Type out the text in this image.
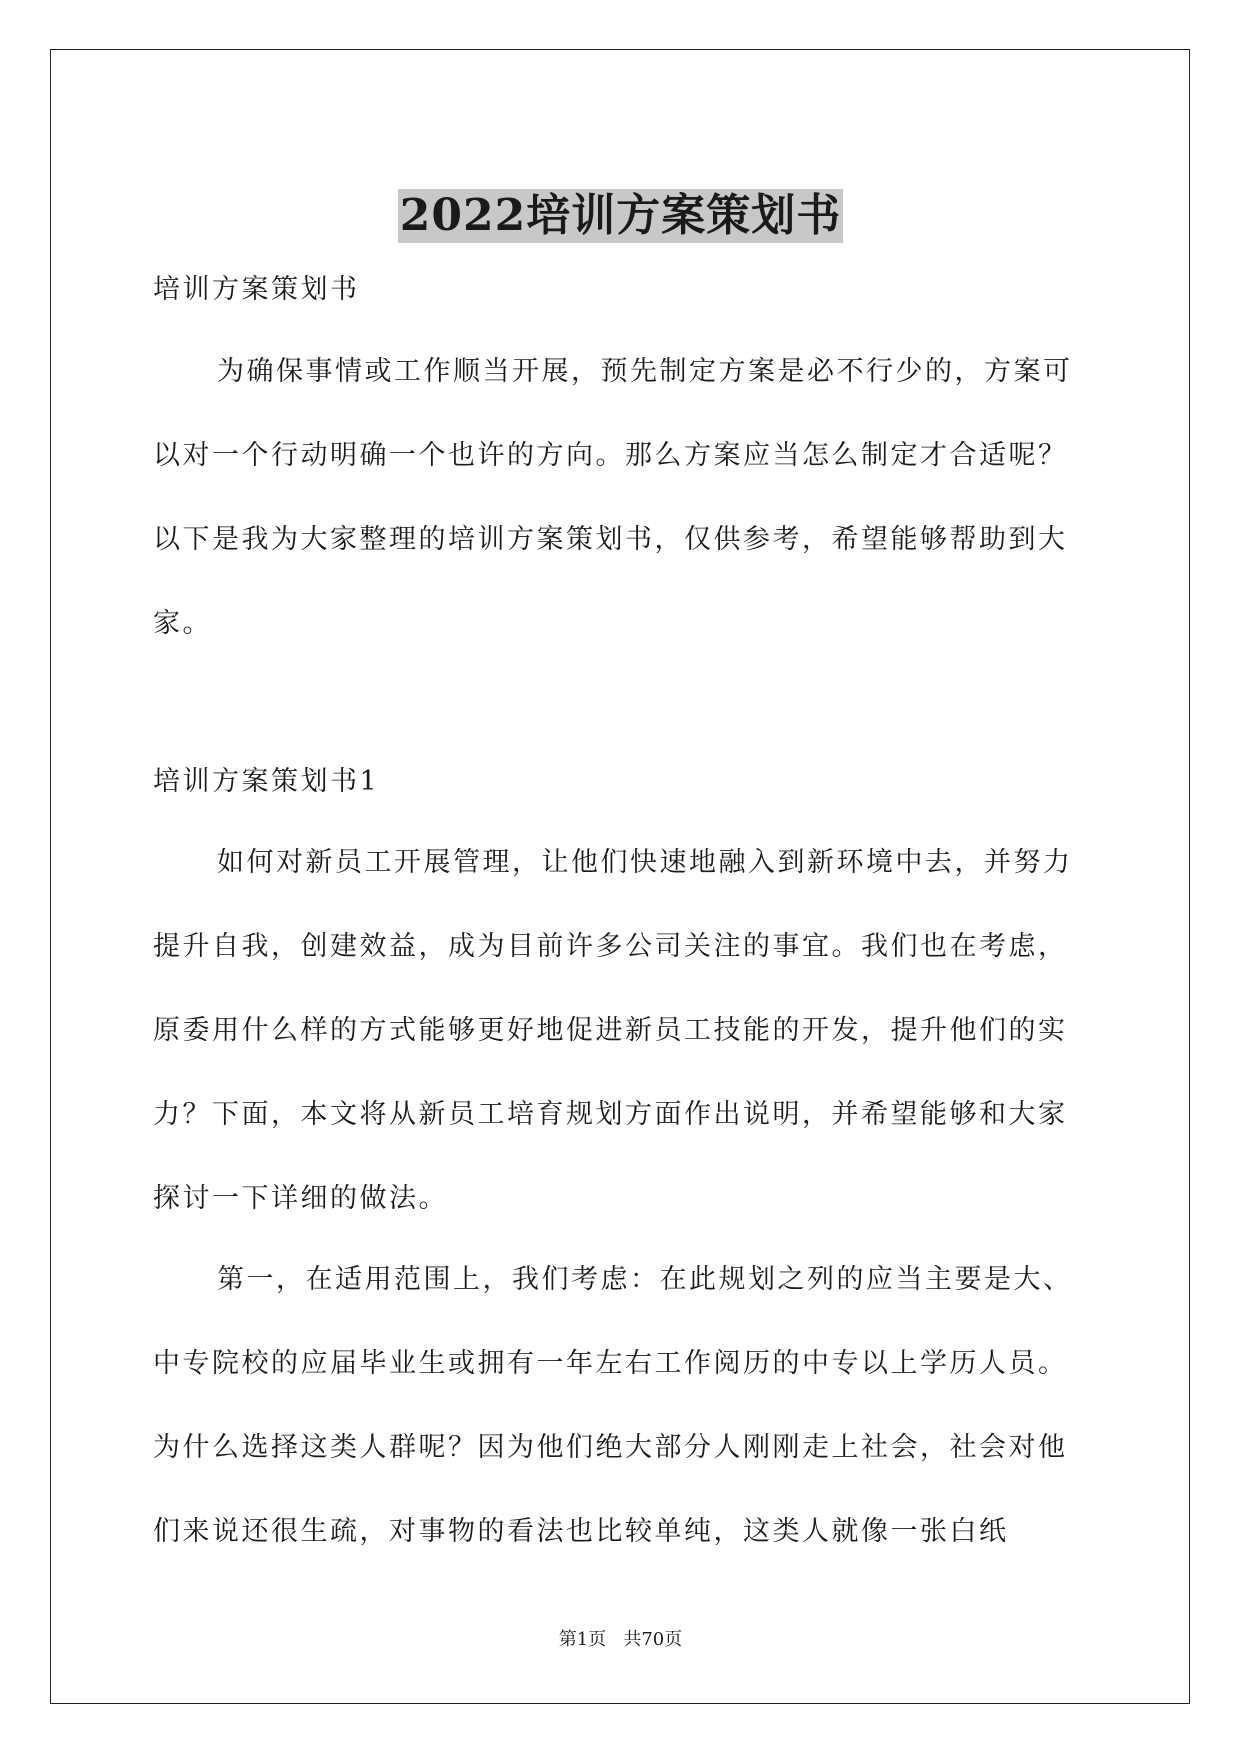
2022培训方案策划书

培训方案策划书

为确保事情或工作顺当开展，预先制定方案是必不行少的，方案可以对一个行动明确一个也许的方向。那么方案应当怎么制定才合适呢？以下是我为大家整理的培训方案策划书，仅供参考，希望能够帮助到大家。

培训方案策划书1

如何对新员工开展管理，让他们快速地融入到新环境中去，并努力提升自我，创建效益，成为目前许多公司关注的事宜。我们也在考虑，原委用什么样的方式能够更好地促进新员工技能的开发，提升他们的实力？下面，本文将从新员工培育规划方面作出说明，并希望能够和大家探讨一下详细的做法。

第一，在适用范围上，我们考虑：在此规划之列的应当主要是大、中专院校的应届毕业生或拥有一年左右工作阅历的中专以上学历人员。为什么选择这类人群呢？因为他们绝大部分人刚刚走上社会，社会对他们来说还很生疏，对事物的看法也比较单纯，这类人就像一张白纸

第1页 共70页
